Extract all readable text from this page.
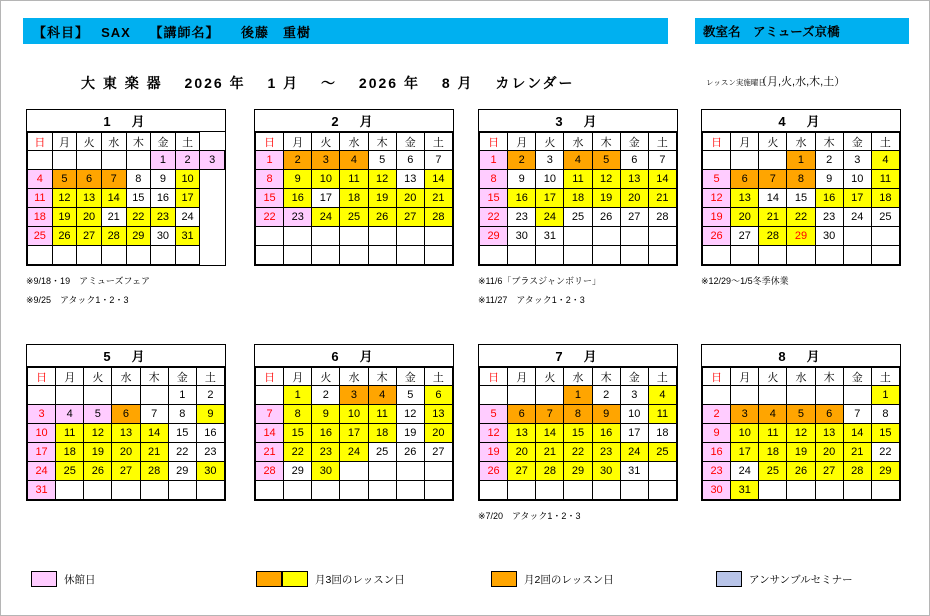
【科目】　 SAX　 【講師名】　　後藤　重樹	教室名　アミューズ京橋
大 東 楽 器　 2026 年　 1 月　 ～　 2026 年　 8 月　 カレンダー	レッスン実施曜日
（月,火,水,木,土）
1　月
日	月	火	水	木	金	土	
					1	2	3
4	5	6	7	8	9	10	
11	12	13	14	15	16	17	
18	19	20	21	22	23	24	
25	26	27	28	29	30	31	

2　月
日	月	火	水	木	金	土
1	2	3	4	5	6	7
8	9	10	11	12	13	14
15	16	17	18	19	20	21
22	23	24	25	26	27	28

3　月
日	月	火	水	木	金	土
1	2	3	4	5	6	7
8	9	10	11	12	13	14
15	16	17	18	19	20	21
22	23	24	25	26	27	28
29	30	31				

4　月
日	月	火	水	木	金	土
			1	2	3	4
5	6	7	8	9	10	11
12	13	14	15	16	17	18
19	20	21	22	23	24	25
26	27	28	29	30		

5　月
日	月	火	水	木	金	土
					1	2
3	4	5	6	7	8	9
10	11	12	13	14	15	16
17	18	19	20	21	22	23
24	25	26	27	28	29	30
31						
6　月
日	月	火	水	木	金	土
	1	2	3	4	5	6
7	8	9	10	11	12	13
14	15	16	17	18	19	20
21	22	23	24	25	26	27
28	29	30				

7　月
日	月	火	水	木	金	土
			1	2	3	4
5	6	7	8	9	10	11
12	13	14	15	16	17	18
19	20	21	22	23	24	25
26	27	28	29	30	31	

8　月
日	月	火	水	木	金	土
						1
2	3	4	5	6	7	8
9	10	11	12	13	14	15
16	17	18	19	20	21	22
23	24	25	26	27	28	29
30	31					
※9/18・19　アミューズフェア
※9/25　アタック1・2・3
※11/6「ブラスジャンボリー」
※11/27　アタック1・2・3
※12/29～1/5冬季休業
※7/20　アタック1・2・3
休館日	月3回のレッスン日	月2回のレッスン日	アンサンブルセミナー
